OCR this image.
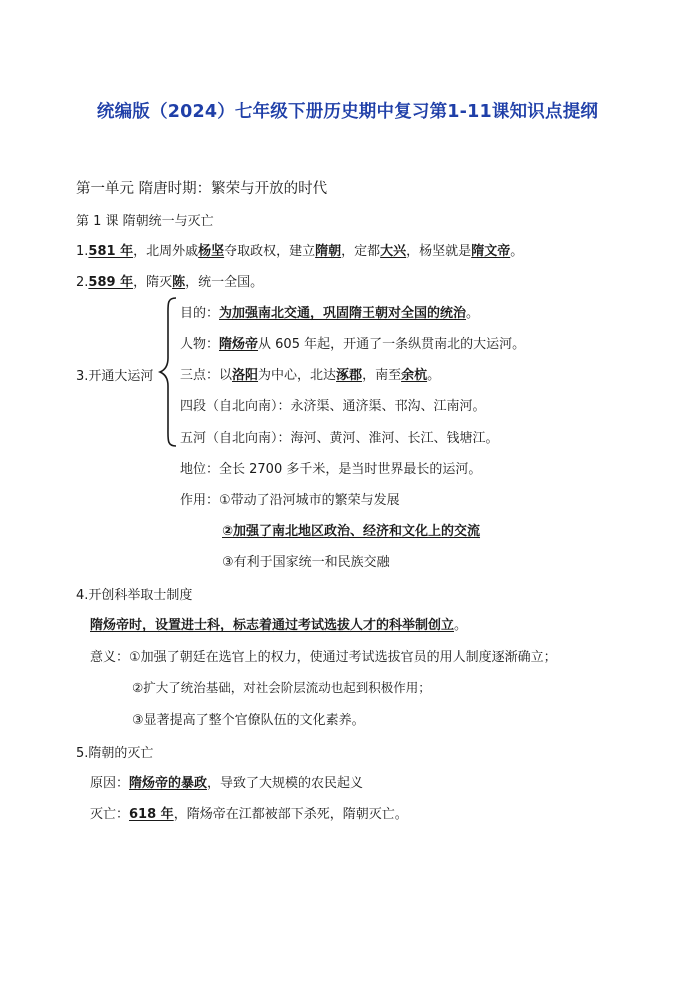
统编版（2024）七年级下册历史期中复习第1-11课知识点提纲
第一单元 隋唐时期：繁荣与开放的时代
第 1 课 隋朝统一与灭亡
1.581 年，北周外戚杨坚夺取政权，建立隋朝，定都大兴，杨坚就是隋文帝。
2.589 年，隋灭陈，统一全国。
3.开通大运河
目的：为加强南北交通，巩固隋王朝对全国的统治。
人物：隋炀帝从 605 年起，开通了一条纵贯南北的大运河。
三点：以洛阳为中心，北达涿郡，南至余杭。
四段（自北向南）：永济渠、通济渠、邗沟、江南河。
五河（自北向南）：海河、黄河、淮河、长江、钱塘江。
地位：全长 2700 多千米，是当时世界最长的运河。
作用：①带动了沿河城市的繁荣与发展
②加强了南北地区政治、经济和文化上的交流
③有利于国家统一和民族交融
4.开创科举取士制度
隋炀帝时，设置进士科，标志着通过考试选拔人才的科举制创立。
意义：①加强了朝廷在选官上的权力，使通过考试选拔官员的用人制度逐渐确立；
②扩大了统治基础，对社会阶层流动也起到积极作用；
③显著提高了整个官僚队伍的文化素养。
5.隋朝的灭亡
原因：隋炀帝的暴政，导致了大规模的农民起义
灭亡：618 年，隋炀帝在江都被部下杀死，隋朝灭亡。
